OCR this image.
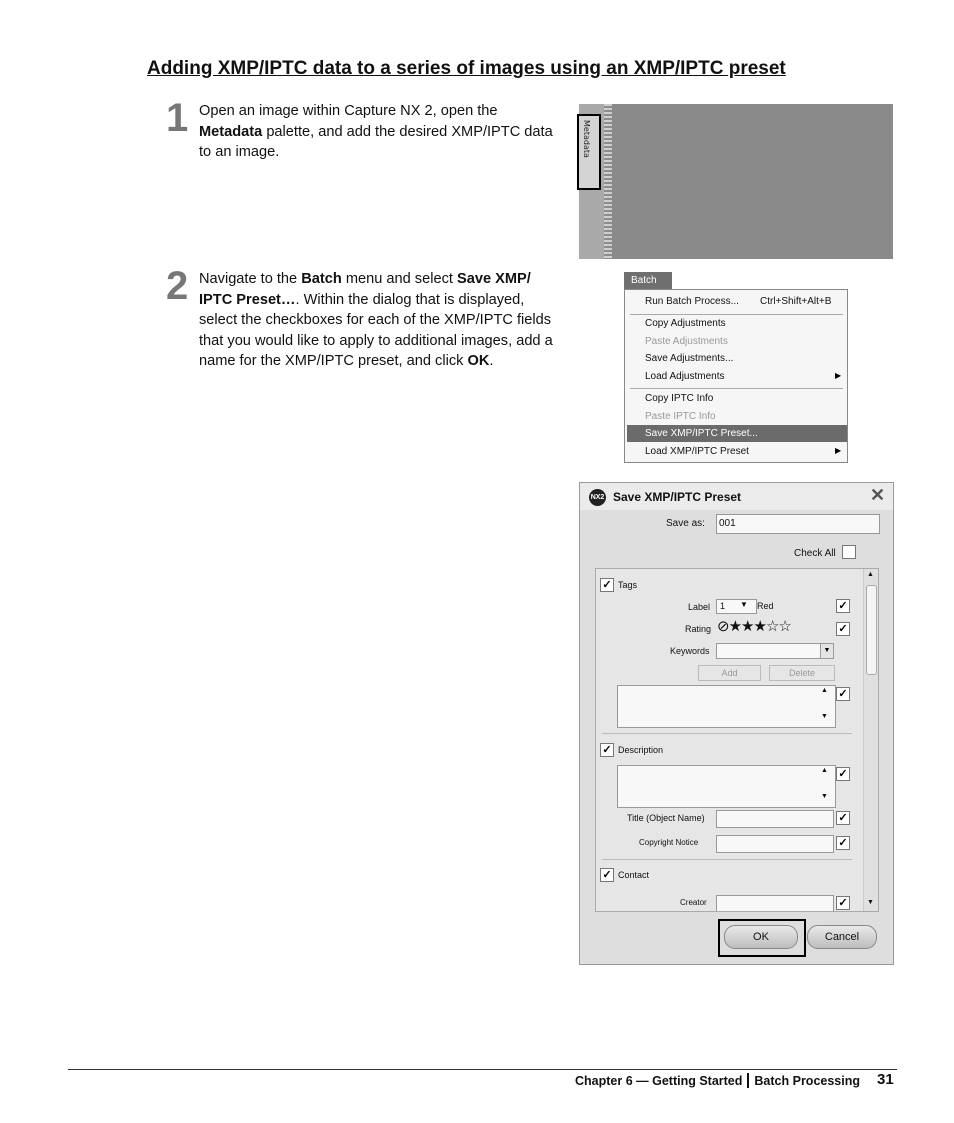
Adding XMP/IPTC data to a series of images using an XMP/IPTC preset
1 Open an image within Capture NX 2, open the Metadata palette, and add the desired XMP/IPTC data to an image.	Metadata
2 Navigate to the Batch menu and select Save XMP/ IPTC Preset…. Within the dialog that is displayed, select the checkboxes for each of the XMP/IPTC fields that you would like to apply to additional images, add a name for the XMP/IPTC preset, and click OK.
Batch
Run Batch Process... Ctrl+Shift+Alt+B
Copy Adjustments
Paste Adjustments
Save Adjustments...
Load Adjustments	▶
Copy IPTC Info
Paste IPTC Info
Save XMP/IPTC Preset...
Load XMP/IPTC Preset	▶
NX2 Save XMP/IPTC Preset	✕
Save as:	001
Check All
✓ Tags
Label	1	▼ Red	✓
Rating ⊘★★★☆☆	✓
Keywords	▼
Add	Delete
▲
▼
✓
✓ Description
▲
▼
✓
Title (Object Name)	✓
Copyright Notice	✓
✓ Contact
Creator	✓
▲
▼
OK	Cancel
Chapter 6 — Getting Started Batch Processing 31
